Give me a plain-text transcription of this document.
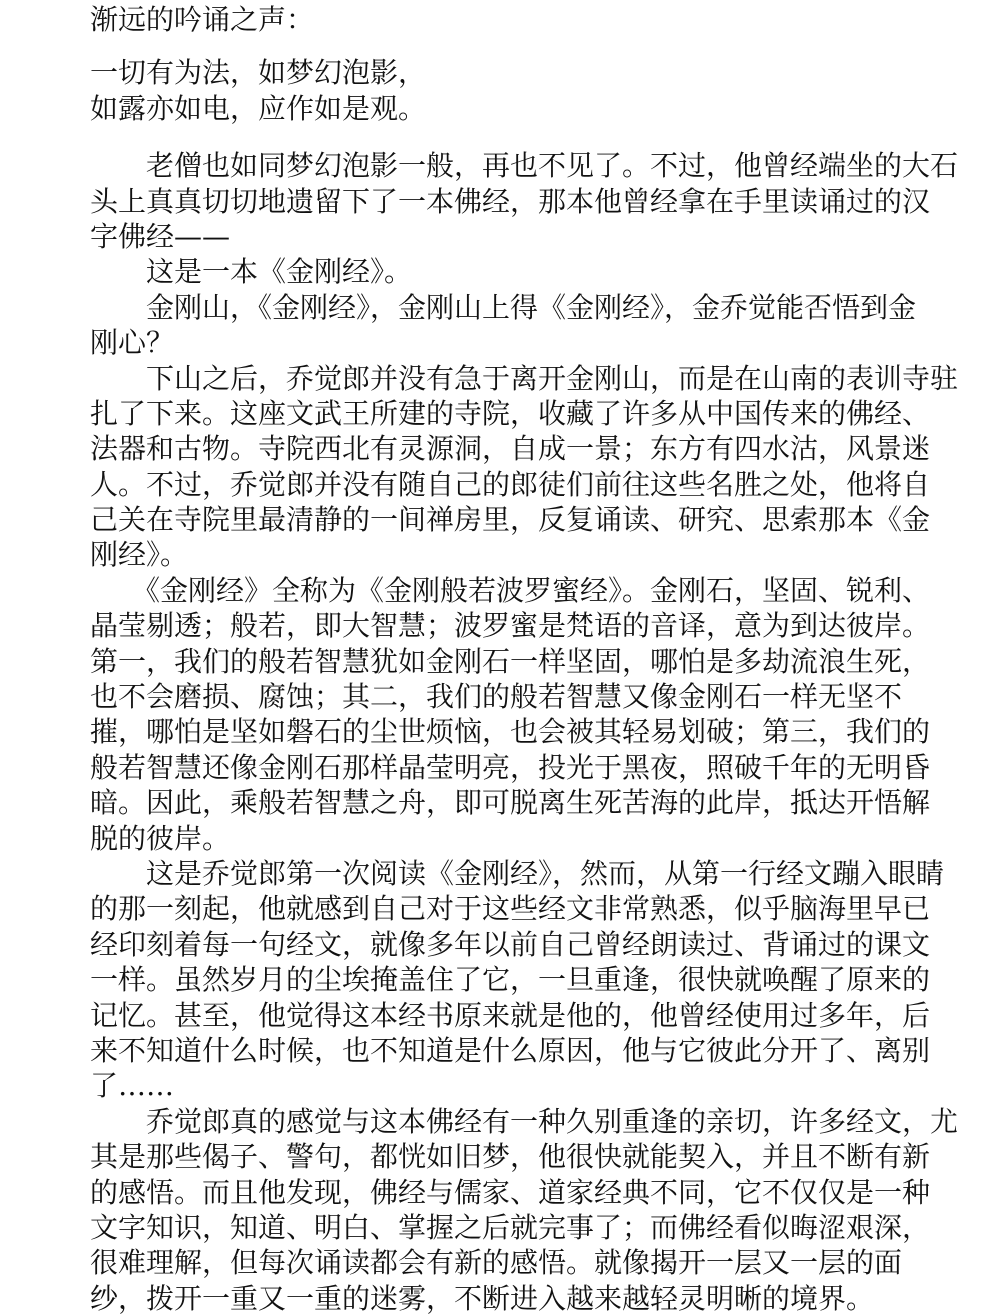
渐远的吟诵之声：
一切有为法，如梦幻泡影，
如露亦如电，应作如是观。
　　老僧也如同梦幻泡影一般，再也不见了。不过，他曾经端坐的大石
头上真真切切地遗留下了一本佛经，那本他曾经拿在手里读诵过的汉
字佛经——
　　这是一本《金刚经》。
　　金刚山，《金刚经》，金刚山上得《金刚经》，金乔觉能否悟到金
刚心？
　　下山之后，乔觉郎并没有急于离开金刚山，而是在山南的表训寺驻
扎了下来。这座文武王所建的寺院，收藏了许多从中国传来的佛经、
法器和古物。寺院西北有灵源洞，自成一景；东方有四水沽，风景迷
人。不过，乔觉郎并没有随自己的郎徒们前往这些名胜之处，他将自
己关在寺院里最清静的一间禅房里，反复诵读、研究、思索那本《金
刚经》。
　　《金刚经》全称为《金刚般若波罗蜜经》。金刚石，坚固、锐利、
晶莹剔透；般若，即大智慧；波罗蜜是梵语的音译，意为到达彼岸。
第一，我们的般若智慧犹如金刚石一样坚固，哪怕是多劫流浪生死，
也不会磨损、腐蚀；其二，我们的般若智慧又像金刚石一样无坚不
摧，哪怕是坚如磐石的尘世烦恼，也会被其轻易划破；第三，我们的
般若智慧还像金刚石那样晶莹明亮，投光于黑夜，照破千年的无明昏
暗。因此，乘般若智慧之舟，即可脱离生死苦海的此岸，抵达开悟解
脱的彼岸。
　　这是乔觉郎第一次阅读《金刚经》，然而，从第一行经文蹦入眼睛
的那一刻起，他就感到自己对于这些经文非常熟悉，似乎脑海里早已
经印刻着每一句经文，就像多年以前自己曾经朗读过、背诵过的课文
一样。虽然岁月的尘埃掩盖住了它，一旦重逢，很快就唤醒了原来的
记忆。甚至，他觉得这本经书原来就是他的，他曾经使用过多年，后
来不知道什么时候，也不知道是什么原因，他与它彼此分开了、离别
了……
　　乔觉郎真的感觉与这本佛经有一种久别重逢的亲切，许多经文，尤
其是那些偈子、警句，都恍如旧梦，他很快就能契入，并且不断有新
的感悟。而且他发现，佛经与儒家、道家经典不同，它不仅仅是一种
文字知识，知道、明白、掌握之后就完事了；而佛经看似晦涩艰深，
很难理解，但每次诵读都会有新的感悟。就像揭开一层又一层的面
纱，拨开一重又一重的迷雾，不断进入越来越轻灵明晰的境界。
